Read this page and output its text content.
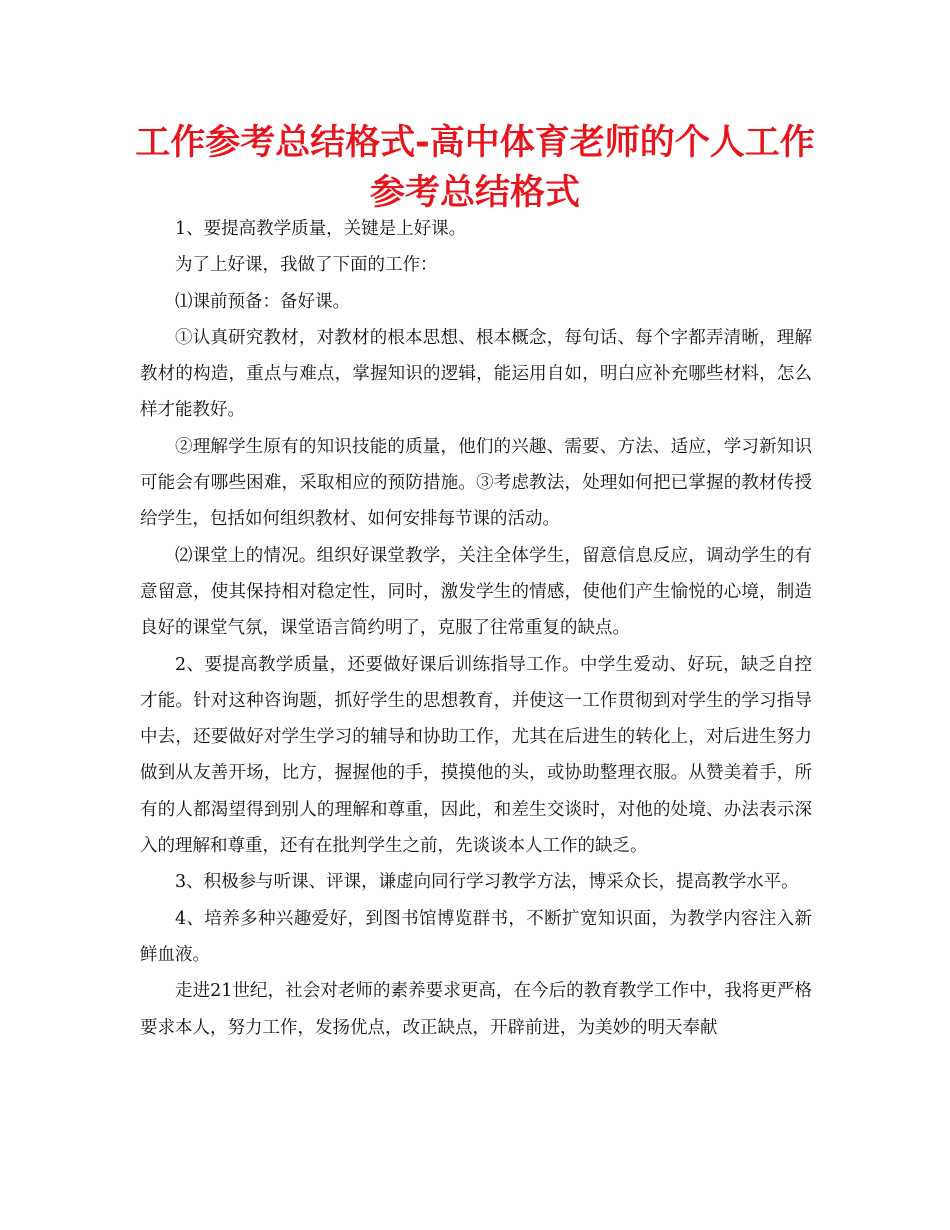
工作参考总结格式-高中体育老师的个人工作参考总结格式

1、要提高教学质量，关键是上好课。

为了上好课，我做了下面的工作：

⑴课前预备：备好课。

①认真研究教材，对教材的根本思想、根本概念，每句话、每个字都弄清晰，理解教材的构造，重点与难点，掌握知识的逻辑，能运用自如，明白应补充哪些材料，怎么样才能教好。

②理解学生原有的知识技能的质量，他们的兴趣、需要、方法、适应，学习新知识可能会有哪些困难，采取相应的预防措施。③考虑教法，处理如何把已掌握的教材传授给学生，包括如何组织教材、如何安排每节课的活动。

⑵课堂上的情况。组织好课堂教学，关注全体学生，留意信息反应，调动学生的有意留意，使其保持相对稳定性，同时，激发学生的情感，使他们产生愉悦的心境，制造良好的课堂气氛，课堂语言简约明了，克服了往常重复的缺点。

2、要提高教学质量，还要做好课后训练指导工作。中学生爱动、好玩，缺乏自控才能。针对这种咨询题，抓好学生的思想教育，并使这一工作贯彻到对学生的学习指导中去，还要做好对学生学习的辅导和协助工作，尤其在后进生的转化上，对后进生努力做到从友善开场，比方，握握他的手，摸摸他的头，或协助整理衣服。从赞美着手，所有的人都渴望得到别人的理解和尊重，因此，和差生交谈时，对他的处境、办法表示深入的理解和尊重，还有在批判学生之前，先谈谈本人工作的缺乏。

3、积极参与听课、评课，谦虚向同行学习教学方法，博采众长，提高教学水平。

4、培养多种兴趣爱好，到图书馆博览群书，不断扩宽知识面，为教学内容注入新鲜血液。

走进21世纪，社会对老师的素养要求更高，在今后的教育教学工作中，我将更严格要求本人，努力工作，发扬优点，改正缺点，开辟前进，为美妙的明天奉献
